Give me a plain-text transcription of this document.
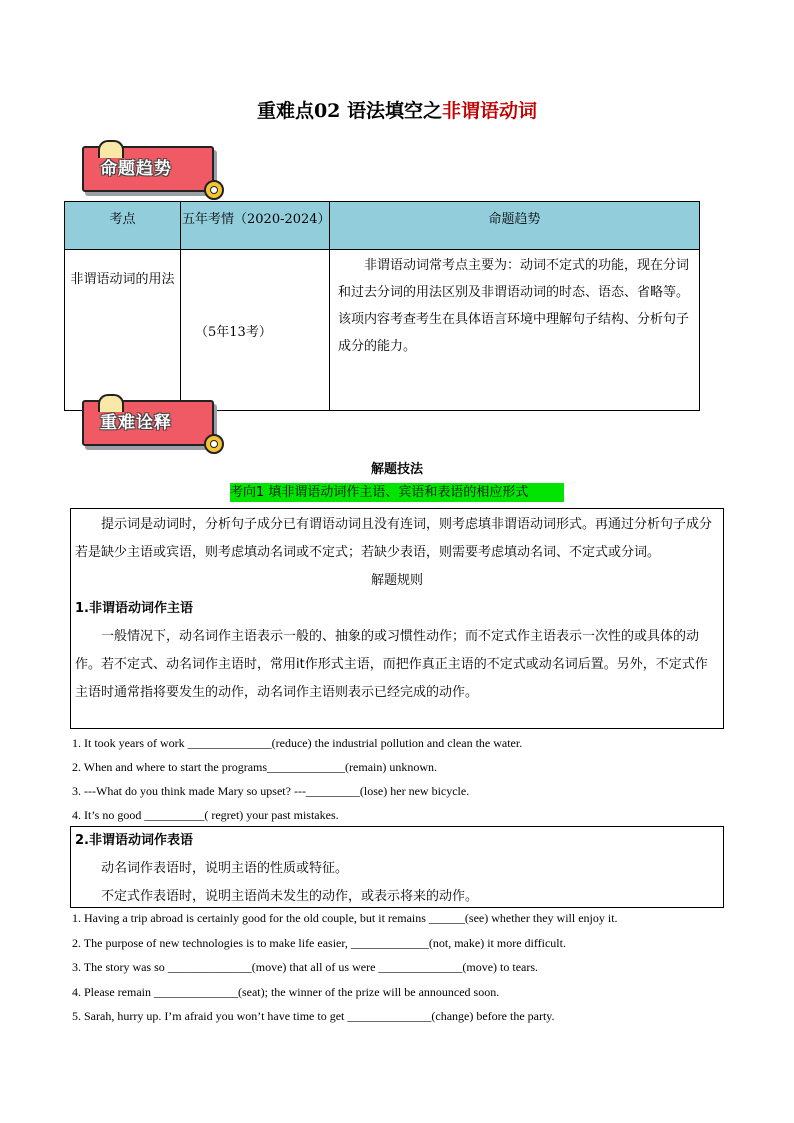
重难点02 语法填空之非谓语动词
命题趋势
考点	五年考情（2020-2024）	命题趋势
非谓语动词的用法	（5年13考）	非谓语动词常考点主要为：动词不定式的功能，现在分词和过去分词的用法区别及非谓语动词的时态、语态、省略等。该项内容考查考生在具体语言环境中理解句子结构、分析句子成分的能力。
重难诠释
解题技法
考向1 填非谓语动词作主语、宾语和表语的相应形式
提示词是动词时，分析句子成分已有谓语动词且没有连词，则考虑填非谓语动词形式。再通过分析句子成分若是缺少主语或宾语，则考虑填动名词或不定式；若缺少表语，则需要考虑填动名词、不定式或分词。
解题规则
1.非谓语动词作主语
一般情况下，动名词作主语表示一般的、抽象的或习惯性动作；而不定式作主语表示一次性的或具体的动作。若不定式、动名词作主语时，常用it作形式主语，而把作真正主语的不定式或动名词后置。另外，不定式作主语时通常指将要发生的动作，动名词作主语则表示已经完成的动作。
1. It took years of work ______________(reduce) the industrial pollution and clean the water.
2. When and where to start the programs_____________(remain) unknown.
3. ---What do you think made Mary so upset? ---_________(lose) her new bicycle.
4. It’s no good __________( regret) your past mistakes.
2.非谓语动词作表语
动名词作表语时，说明主语的性质或特征。
不定式作表语时，说明主语尚未发生的动作，或表示将来的动作。
1. Having a trip abroad is certainly good for the old couple, but it remains ______(see) whether they will enjoy it.
2. The purpose of new technologies is to make life easier, _____________(not, make) it more difficult.
3. The story was so ______________(move) that all of us were ______________(move) to tears.
4. Please remain ______________(seat); the winner of the prize will be announced soon.
5. Sarah, hurry up. I’m afraid you won’t have time to get ______________(change) before the party.
